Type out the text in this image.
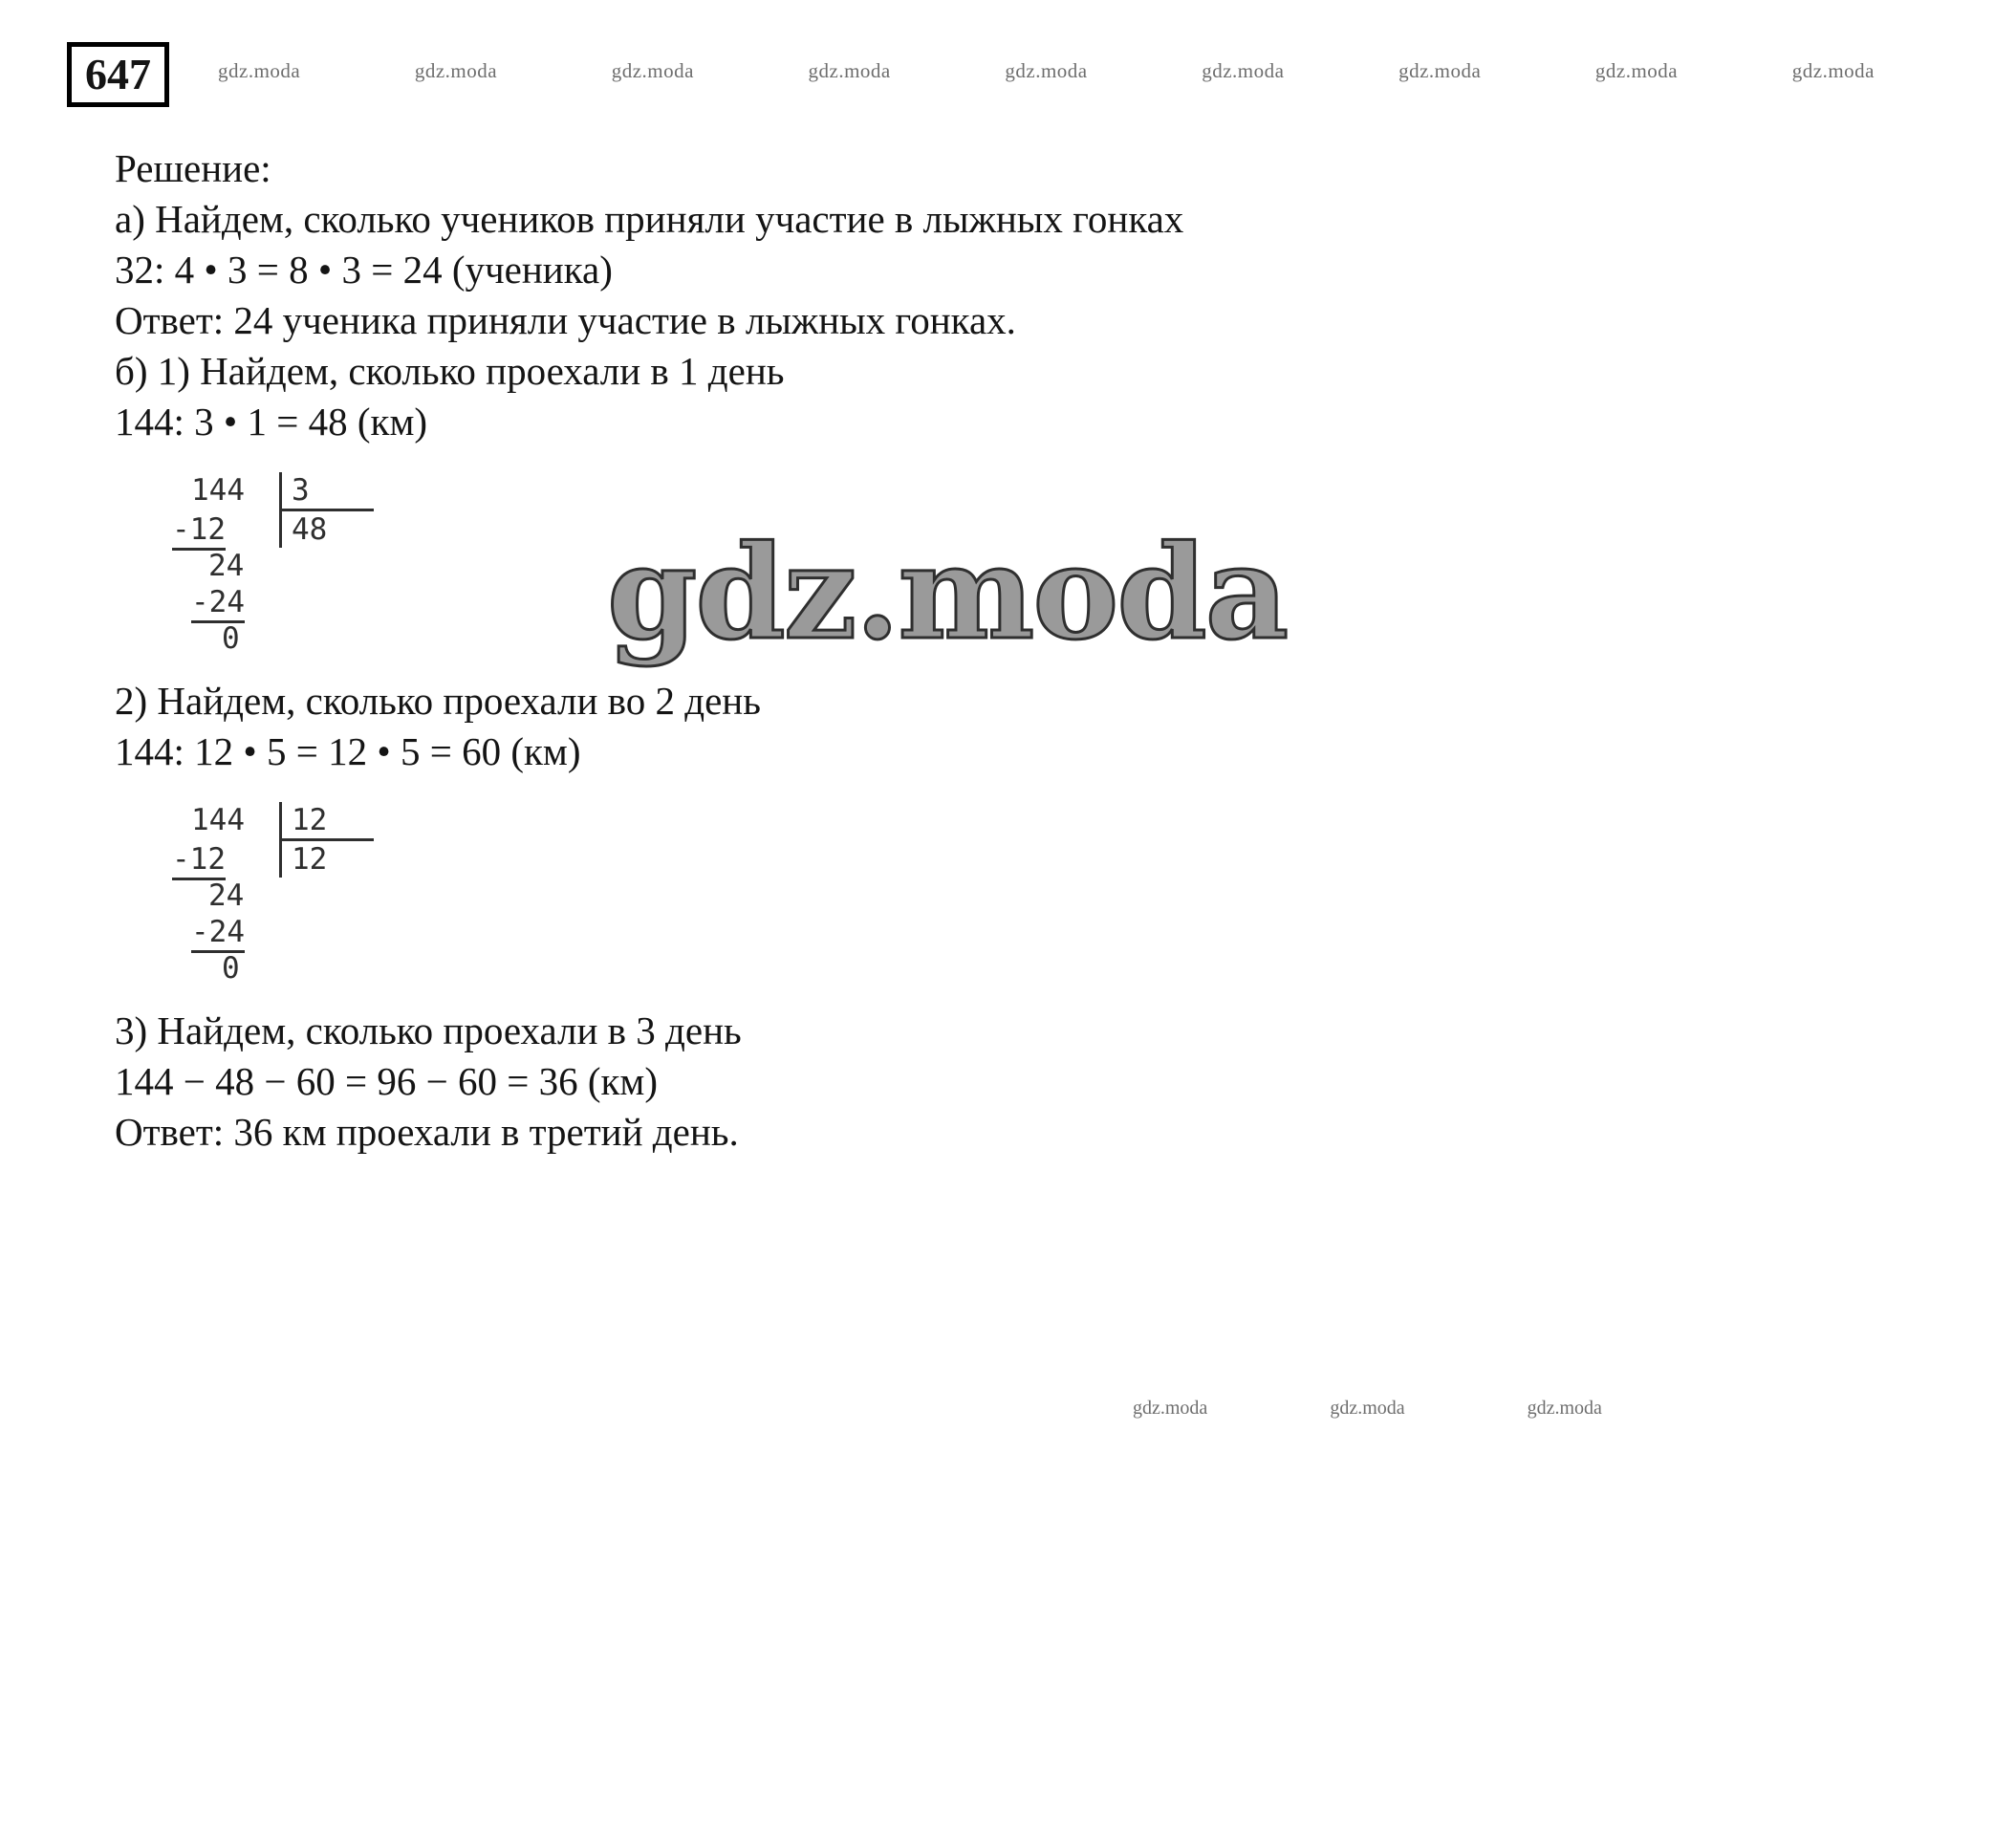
647	gdz.moda	gdz.moda	gdz.moda	gdz.moda	gdz.moda	gdz.moda	gdz.moda	gdz.moda	gdz.moda
gdz.moda

Решение:

а) Найдем, сколько учеников приняли участие в лыжных гонках

32: 4 • 3 = 8 • 3 = 24 (ученика)

Ответ: 24 ученика приняли участие в лыжных гонках.

б) 1) Найдем, сколько проехали в 1 день

144: 3 • 1 = 48 (км)

144	3
-12	48
24
-24
0

2) Найдем, сколько проехали во 2 день

144: 12 • 5 = 12 • 5 = 60 (км)

144	12
-12	12
24
-24
0

3) Найдем, сколько проехали в 3 день

144 − 48 − 60 = 96 − 60 = 36 (км)

Ответ: 36 км проехали в третий день.

gdz.moda	gdz.moda	gdz.moda
